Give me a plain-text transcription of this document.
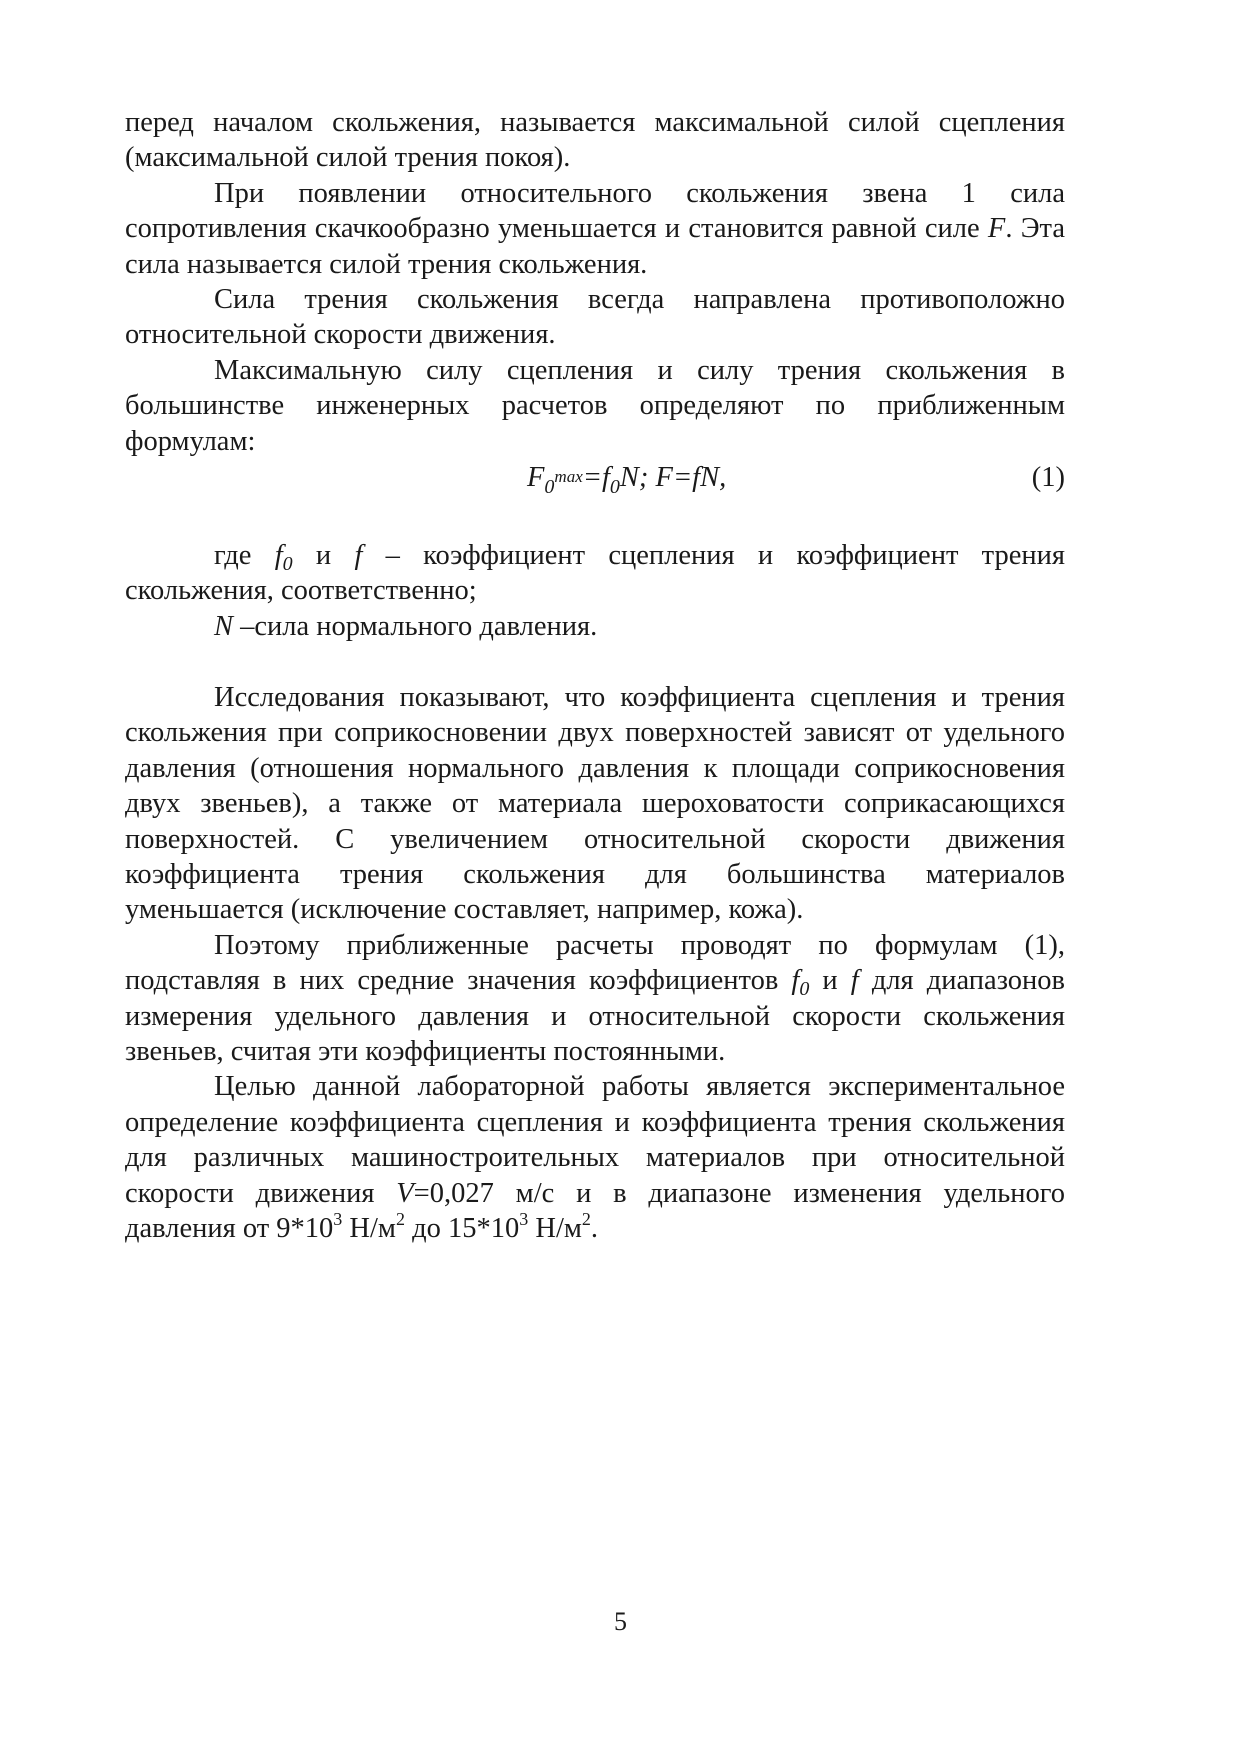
перед началом скольжения, называется максимальной силой сцепления (максимальной силой трения покоя).

При появлении относительного скольжения звена 1 сила сопротивления скачкообразно уменьшается и становится равной силе F. Эта сила называется силой трения скольжения.

Сила трения скольжения всегда направлена противоположно относительной скорости движения.

Максимальную силу сцепления и силу трения скольжения в большинстве инженерных расчетов определяют по приближенным формулам:

$F_0^{max}=f_0N$; F=fN,	(1)

где $f_0$ и f – коэффициент сцепления и коэффициент трения скольжения, соответственно;

N –сила нормального давления.

Исследования показывают, что коэффициента сцепления и трения скольжения при соприкосновении двух поверхностей зависят от удельного давления (отношения нормального давления к площади соприкосновения двух звеньев), а также от материала шероховатости соприкасающихся поверхностей. С увеличением относительной скорости движения коэффициента трения скольжения для большинства материалов уменьшается (исключение составляет, например, кожа).

Поэтому приближенные расчеты проводят по формулам (1), подставляя в них средние значения коэффициентов $f_0$ и f для диапазонов измерения удельного давления и относительной скорости скольжения звеньев, считая эти коэффициенты постоянными.

Целью данной лабораторной работы является экспериментальное определение коэффициента сцепления и коэффициента трения скольжения для различных машиностроительных материалов при относительной скорости движения V=0,027 м/с и в диапазоне изменения удельного давления от $9*10^3$ $Н/м^2$ до $15*10^3$ $Н/м^2$.

5
